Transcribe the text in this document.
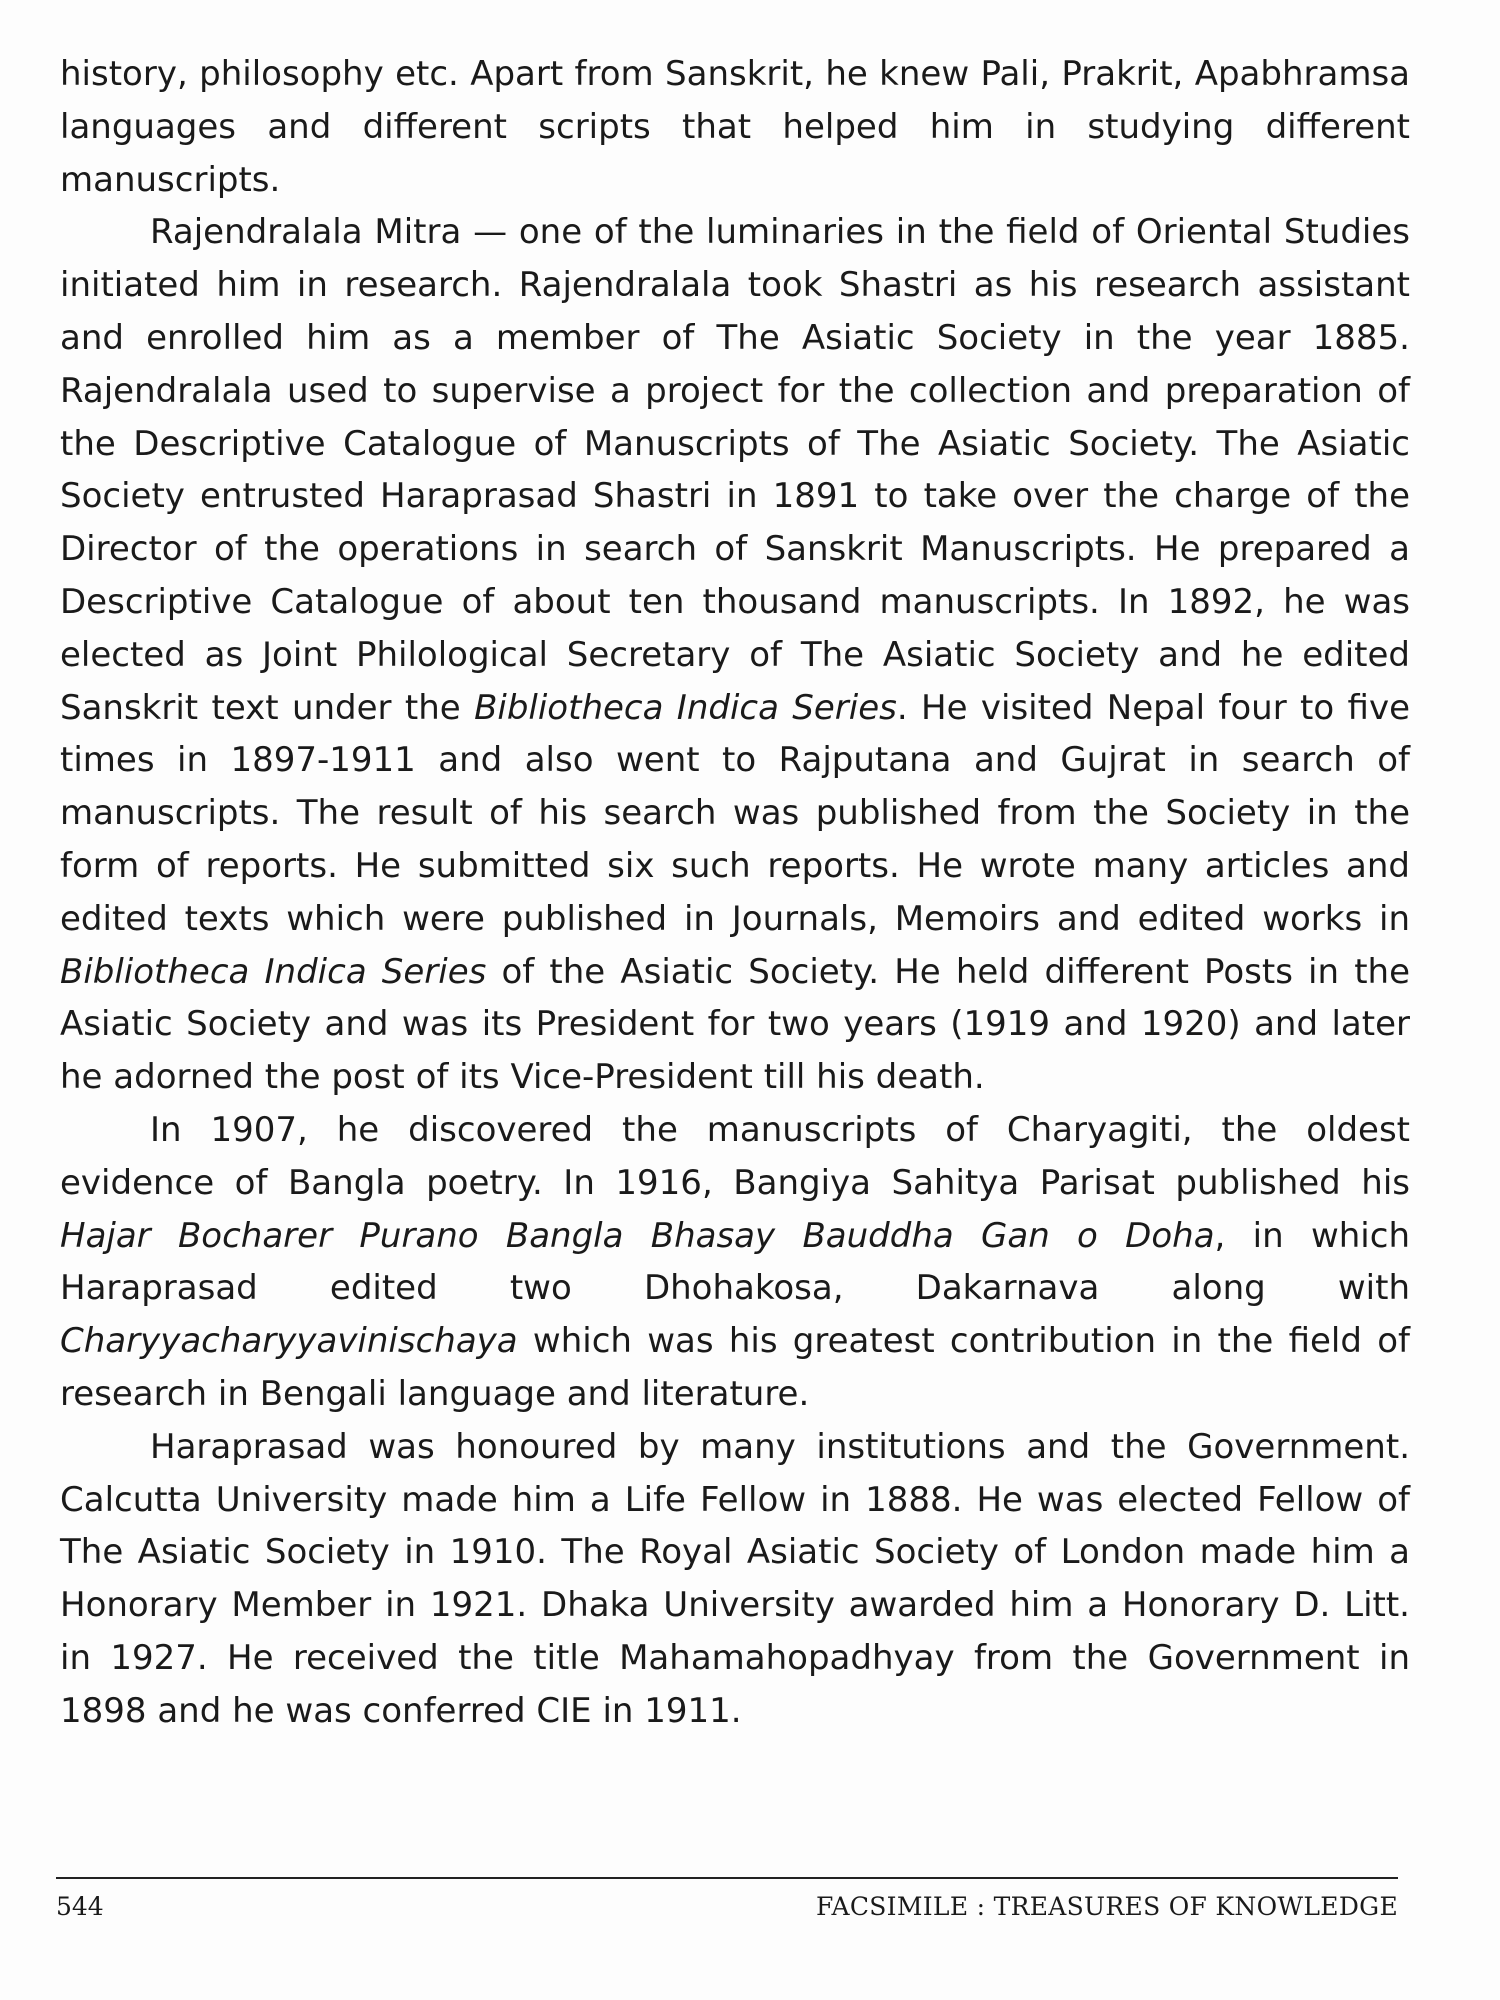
history, philosophy etc. Apart from Sanskrit, he knew Pali, Prakrit, Apabhramsa languages and different scripts that helped him in studying different manuscripts.

Rajendralala Mitra — one of the luminaries in the field of Oriental Studies initiated him in research. Rajendralala took Shastri as his research assistant and enrolled him as a member of The Asiatic Society in the year 1885. Rajendralala used to supervise a project for the collection and preparation of the Descriptive Catalogue of Manuscripts of The Asiatic Society. The Asiatic Society entrusted Haraprasad Shastri in 1891 to take over the charge of the Director of the operations in search of Sanskrit Manuscripts. He prepared a Descriptive Catalogue of about ten thousand manuscripts. In 1892, he was elected as Joint Philological Secretary of The Asiatic Society and he edited Sanskrit text under the Bibliotheca Indica Series. He visited Nepal four to five times in 1897-1911 and also went to Rajputana and Gujrat in search of manuscripts. The result of his search was published from the Society in the form of reports. He submitted six such reports. He wrote many articles and edited texts which were published in Journals, Memoirs and edited works in Bibliotheca Indica Series of the Asiatic Society. He held different Posts in the Asiatic Society and was its President for two years (1919 and 1920) and later he adorned the post of its Vice-President till his death.

In 1907, he discovered the manuscripts of Charyagiti, the oldest evidence of Bangla poetry. In 1916, Bangiya Sahitya Parisat published his Hajar Bocharer Purano Bangla Bhasay Bauddha Gan o Doha, in which Haraprasad edited two Dhohakosa, Dakarnava along with Charyyacharyyavinischaya which was his greatest contribution in the field of research in Bengali language and literature.

Haraprasad was honoured by many institutions and the Government. Calcutta University made him a Life Fellow in 1888. He was elected Fellow of The Asiatic Society in 1910. The Royal Asiatic Society of London made him a Honorary Member in 1921. Dhaka University awarded him a Honorary D. Litt. in 1927. He received the title Mahamahopadhyay from the Government in 1898 and he was conferred CIE in 1911.

544	FACSIMILE : TREASURES OF KNOWLEDGE
